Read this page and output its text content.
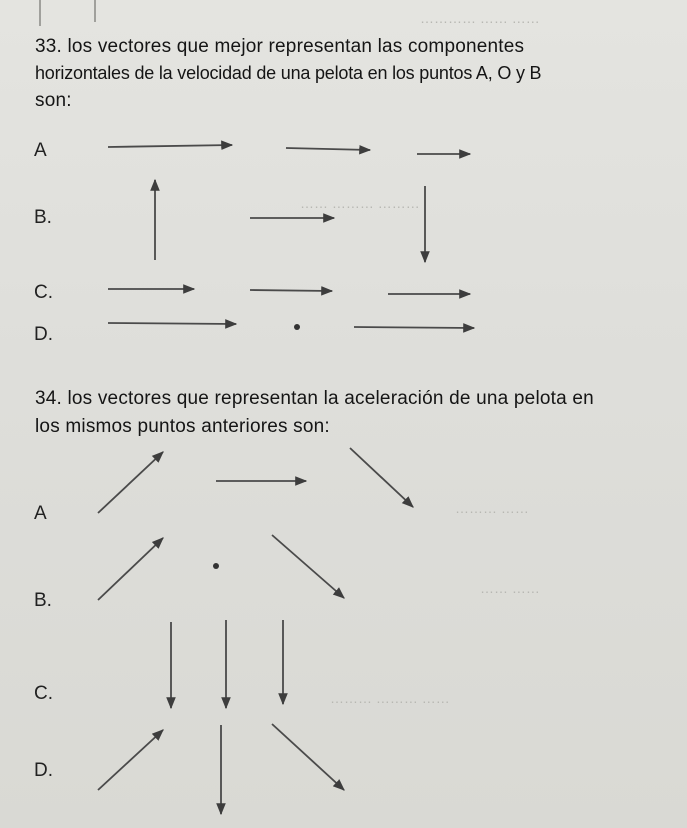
………… …… ……
…… ……… ………
……… ……
…… ……
……… ……… ……
33. los vectores que mejor representan las componentes
horizontales de la velocidad de una pelota en los puntos A, O y B
son:
A
B.
C.
D.
34. los vectores que representan la aceleración de una pelota en
los mismos puntos anteriores son:
A
B.
C.
D.
